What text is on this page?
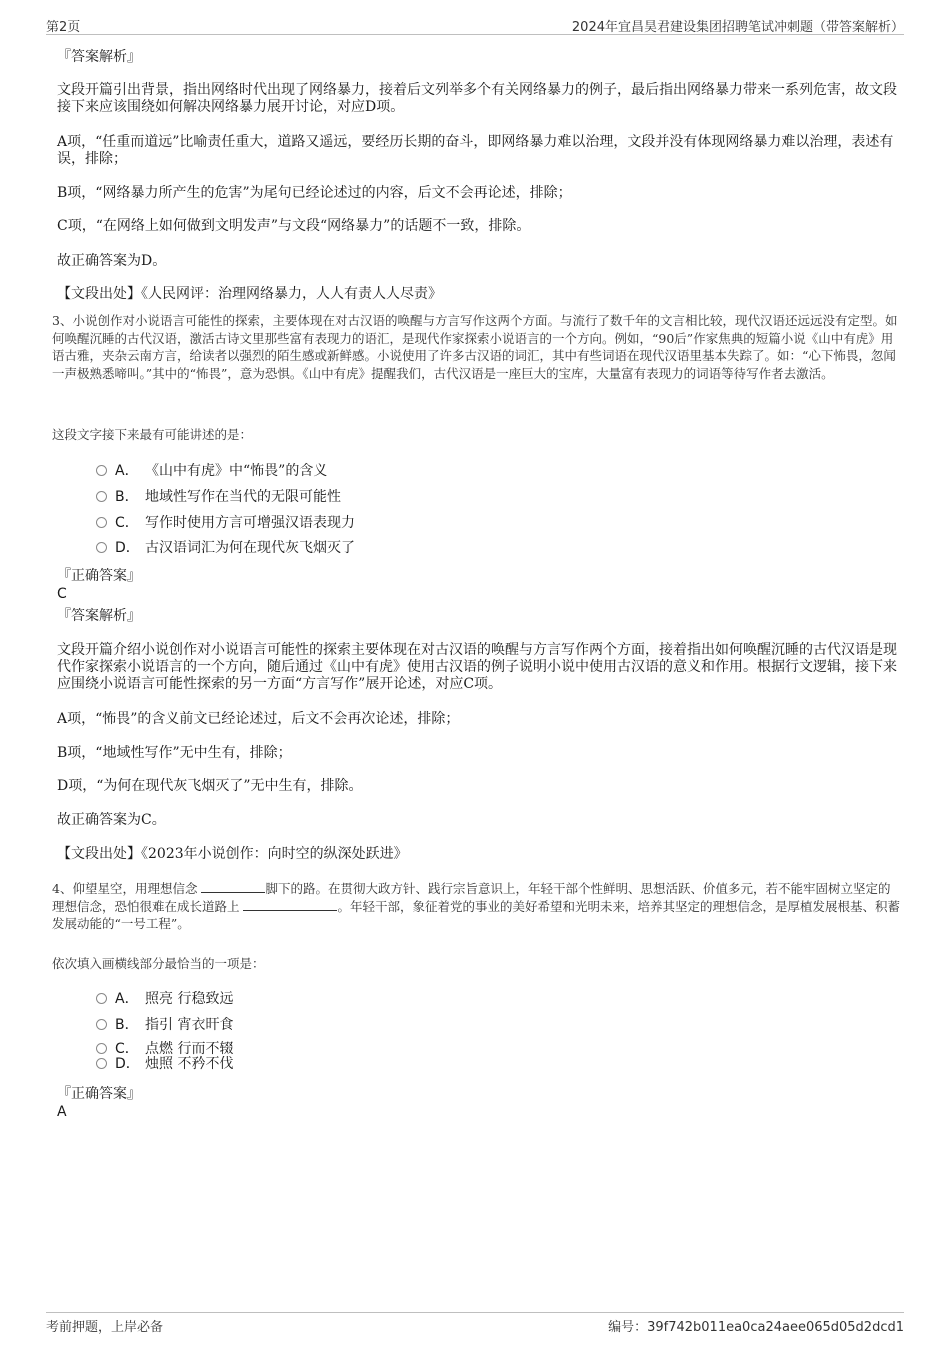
第2页	2024年宜昌昊君建设集团招聘笔试冲刺题（带答案解析）
『答案解析』
文段开篇引出背景，指出网络时代出现了网络暴力，接着后文列举多个有关网络暴力的例子，最后指出网络暴力带来一系列危害，故文段接下来应该围绕如何解决网络暴力展开讨论，对应D项。
A项，“任重而道远”比喻责任重大，道路又遥远，要经历长期的奋斗，即网络暴力难以治理，文段并没有体现网络暴力难以治理，表述有误，排除；
B项，“网络暴力所产生的危害”为尾句已经论述过的内容，后文不会再论述，排除；
C项，“在网络上如何做到文明发声”与文段“网络暴力”的话题不一致，排除。
故正确答案为D。
【文段出处】《人民网评：治理网络暴力，人人有责人人尽责》
3、小说创作对小说语言可能性的探索，主要体现在对古汉语的唤醒与方言写作这两个方面。与流行了数千年的文言相比较，现代汉语还远远没有定型。如何唤醒沉睡的古代汉语，激活古诗文里那些富有表现力的语汇，是现代作家探索小说语言的一个方向。例如，“90后”作家焦典的短篇小说《山中有虎》用语古雅，夹杂云南方言，给读者以强烈的陌生感或新鲜感。小说使用了许多古汉语的词汇，其中有些词语在现代汉语里基本失踪了。如：“心下怖畏，忽闻一声极熟悉啼叫。”其中的“怖畏”，意为恐惧。《山中有虎》提醒我们，古代汉语是一座巨大的宝库，大量富有表现力的词语等待写作者去激活。
这段文字接下来最有可能讲述的是：
A． 《山中有虎》中“怖畏”的含义
B． 地域性写作在当代的无限可能性
C． 写作时使用方言可增强汉语表现力
D． 古汉语词汇为何在现代灰飞烟灭了
『正确答案』
C
『答案解析』
文段开篇介绍小说创作对小说语言可能性的探索主要体现在对古汉语的唤醒与方言写作两个方面，接着指出如何唤醒沉睡的古代汉语是现代作家探索小说语言的一个方向，随后通过《山中有虎》使用古汉语的例子说明小说中使用古汉语的意义和作用。根据行文逻辑，接下来应围绕小说语言可能性探索的另一方面“方言写作”展开论述，对应C项。
A项，“怖畏”的含义前文已经论述过，后文不会再次论述，排除；
B项，“地域性写作”无中生有，排除；
D项，“为何在现代灰飞烟灭了”无中生有，排除。
故正确答案为C。
【文段出处】《2023年小说创作：向时空的纵深处跃进》
4、仰望星空，用理想信念	脚下的路。在贯彻大政方针、践行宗旨意识上，年轻干部个性鲜明、思想活跃、价值多元，若不能牢固树立坚定的理想信念，恐怕很难在成长道路上	。年轻干部，象征着党的事业的美好希望和光明未来，培养其坚定的理想信念，是厚植发展根基、积蓄发展动能的“一号工程”。
依次填入画横线部分最恰当的一项是：
A． 照亮 行稳致远
B． 指引 宵衣旰食
C． 点燃 行而不辍
D． 烛照 不矜不伐
『正确答案』
A
考前押题，上岸必备	编号：39f742b011ea0ca24aee065d05d2dcd1
